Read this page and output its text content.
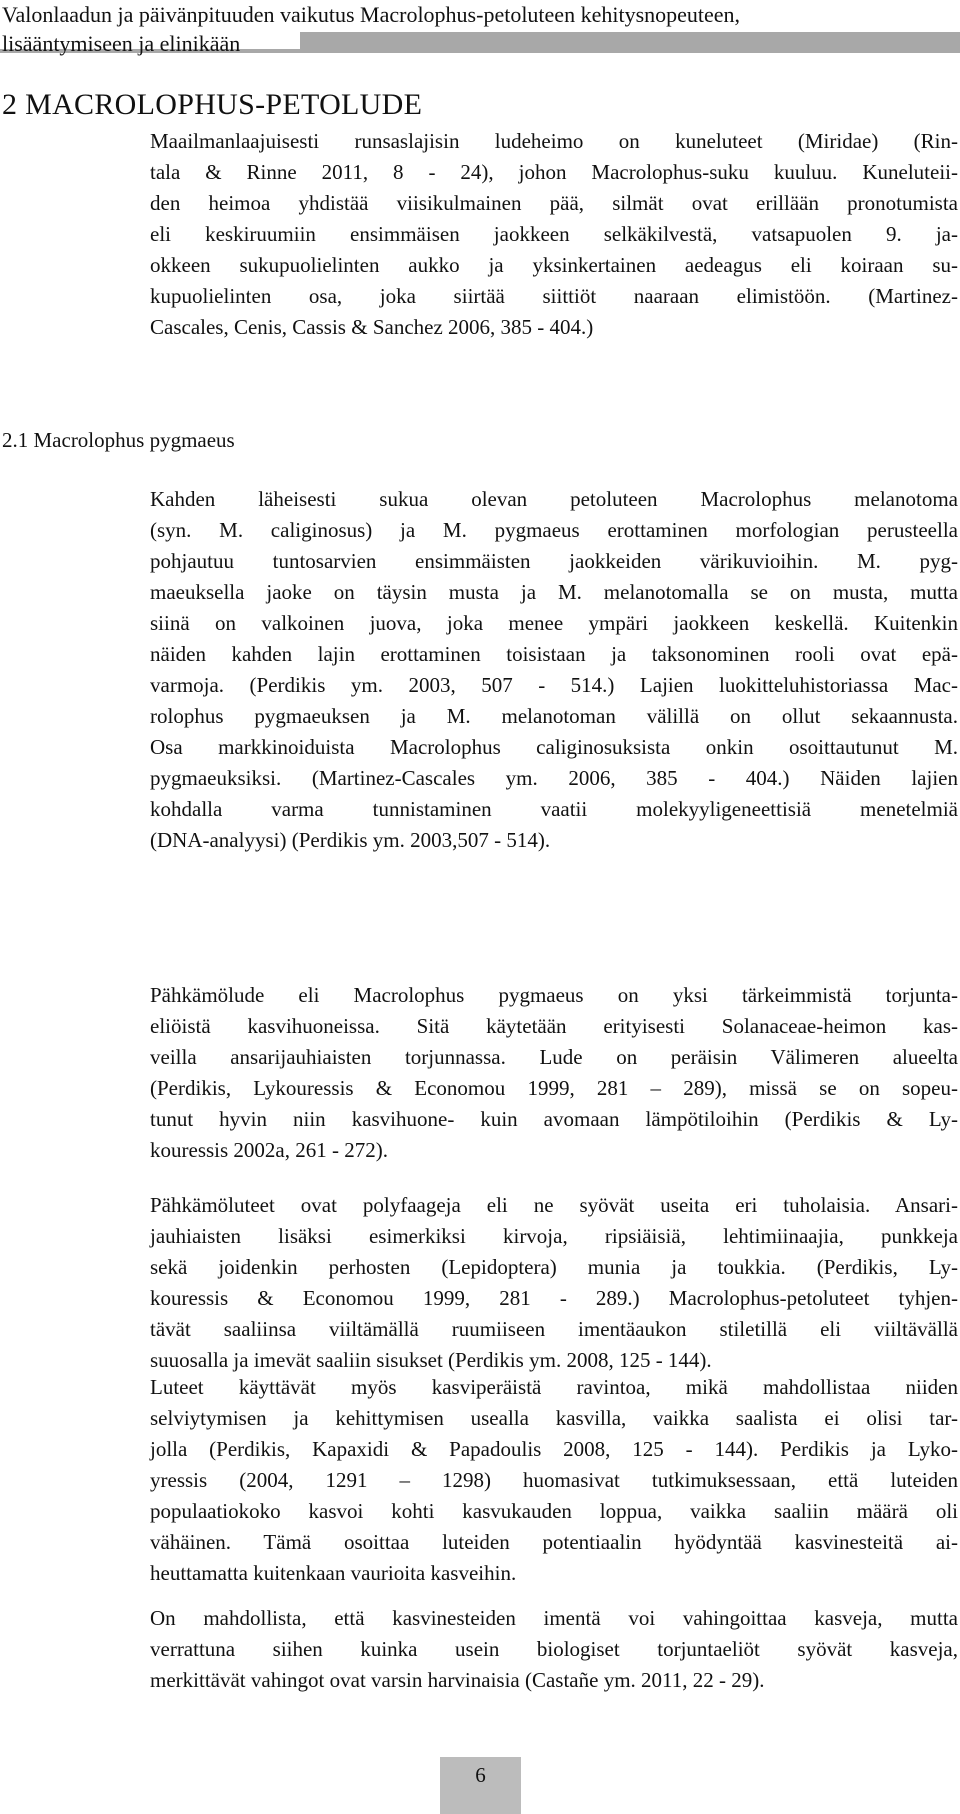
Valonlaadun ja päivänpituuden vaikutus Macrolophus-petoluteen kehitysnopeuteen,
lisääntymiseen ja elinikään
2 MACROLOPHUS-PETOLUDE
Maailmanlaajuisesti runsaslajisin ludeheimo on kuneluteet (Miridae) (Rin-
tala & Rinne 2011, 8 - 24), johon Macrolophus-suku kuuluu. Kuneluteii-
den heimoa yhdistää viisikulmainen pää, silmät ovat erillään pronotumista
eli keskiruumiin ensimmäisen jaokkeen selkäkilvestä, vatsapuolen 9. ja-
okkeen sukupuolielinten aukko ja yksinkertainen aedeagus eli koiraan su-
kupuolielinten osa, joka siirtää siittiöt naaraan elimistöön. (Martinez-
Cascales, Cenis, Cassis & Sanchez 2006, 385 - 404.)
2.1 Macrolophus pygmaeus
Kahden läheisesti sukua olevan petoluteen Macrolophus melanotoma
(syn. M. caliginosus) ja M. pygmaeus erottaminen morfologian perusteella
pohjautuu tuntosarvien ensimmäisten jaokkeiden värikuvioihin. M. pyg-
maeuksella jaoke on täysin musta ja M. melanotomalla se on musta, mutta
siinä on valkoinen juova, joka menee ympäri jaokkeen keskellä. Kuitenkin
näiden kahden lajin erottaminen toisistaan ja taksonominen rooli ovat epä-
varmoja. (Perdikis ym. 2003, 507 - 514.) Lajien luokitteluhistoriassa Mac-
rolophus pygmaeuksen ja M. melanotoman välillä on ollut sekaannusta.
Osa markkinoiduista Macrolophus caliginosuksista onkin osoittautunut M.
pygmaeuksiksi. (Martinez-Cascales ym. 2006, 385 - 404.) Näiden lajien
kohdalla varma tunnistaminen vaatii molekyyligeneettisiä menetelmiä
(DNA-analyysi) (Perdikis ym. 2003,507 - 514).
Pähkämölude eli Macrolophus pygmaeus on yksi tärkeimmistä torjunta-
eliöistä kasvihuoneissa. Sitä käytetään erityisesti Solanaceae-heimon kas-
veilla ansarijauhiaisten torjunnassa. Lude on peräisin Välimeren alueelta
(Perdikis, Lykouressis & Economou 1999, 281 – 289), missä se on sopeu-
tunut hyvin niin kasvihuone- kuin avomaan lämpötiloihin (Perdikis & Ly-
kouressis 2002a, 261 - 272).
Pähkämöluteet ovat polyfaageja eli ne syövät useita eri tuholaisia. Ansari-
jauhiaisten lisäksi esimerkiksi kirvoja, ripsiäisiä, lehtimiinaajia, punkkeja
sekä joidenkin perhosten (Lepidoptera) munia ja toukkia. (Perdikis, Ly-
kouressis & Economou 1999, 281 - 289.) Macrolophus-petoluteet tyhjen-
tävät saaliinsa viiltämällä ruumiiseen imentäaukon stiletillä eli viiltävällä
suuosalla ja imevät saaliin sisukset (Perdikis ym. 2008, 125 - 144).
Luteet käyttävät myös kasviperäistä ravintoa, mikä mahdollistaa niiden
selviytymisen ja kehittymisen usealla kasvilla, vaikka saalista ei olisi tar-
jolla (Perdikis, Kapaxidi & Papadoulis 2008, 125 - 144). Perdikis ja Lyko-
yressis (2004, 1291 – 1298) huomasivat tutkimuksessaan, että luteiden
populaatiokoko kasvoi kohti kasvukauden loppua, vaikka saaliin määrä oli
vähäinen. Tämä osoittaa luteiden potentiaalin hyödyntää kasvinesteitä ai-
heuttamatta kuitenkaan vaurioita kasveihin.
On mahdollista, että kasvinesteiden imentä voi vahingoittaa kasveja, mutta
verrattuna siihen kuinka usein biologiset torjuntaeliöt syövät kasveja,
merkittävät vahingot ovat varsin harvinaisia (Castañe ym. 2011, 22 - 29).
6
